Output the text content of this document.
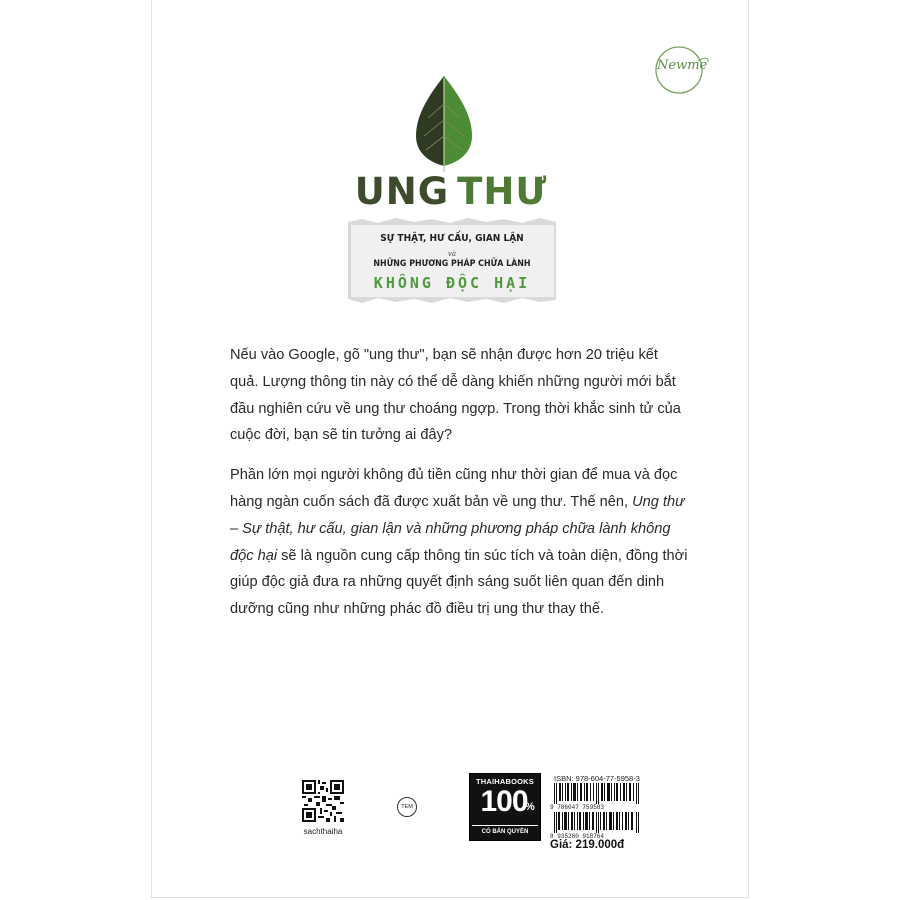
Newme
UNG THƯ
SỰ THẬT, HƯ CẤU, GIAN LẬN
và
NHỮNG PHƯƠNG PHÁP CHỮA LÀNH
KHÔNG ĐỘC HẠI

Nếu vào Google, gõ "ung thư", bạn sẽ nhận được hơn 20 triệu kết quả. Lượng thông tin này có thể dễ dàng khiến những người mới bắt đầu nghiên cứu về ung thư choáng ngợp. Trong thời khắc sinh tử của cuộc đời, bạn sẽ tin tưởng ai đây?

Phần lớn mọi người không đủ tiền cũng như thời gian để mua và đọc hàng ngàn cuốn sách đã được xuất bản về ung thư. Thế nên, Ung thư – Sự thật, hư cấu, gian lận và những phương pháp chữa lành không độc hại sẽ là nguồn cung cấp thông tin súc tích và toàn diện, đồng thời giúp độc giả đưa ra những quyết định sáng suốt liên quan đến dinh dưỡng cũng như những phác đồ điều trị ung thư thay thế.

sachthaiha
TEM
THAIHABOOKS
100
%
CÓ BẢN QUYỀN
ISBN: 978-604-77-5958-3
9 786047 759583
8 935280 918764
Giá: 219.000đ
